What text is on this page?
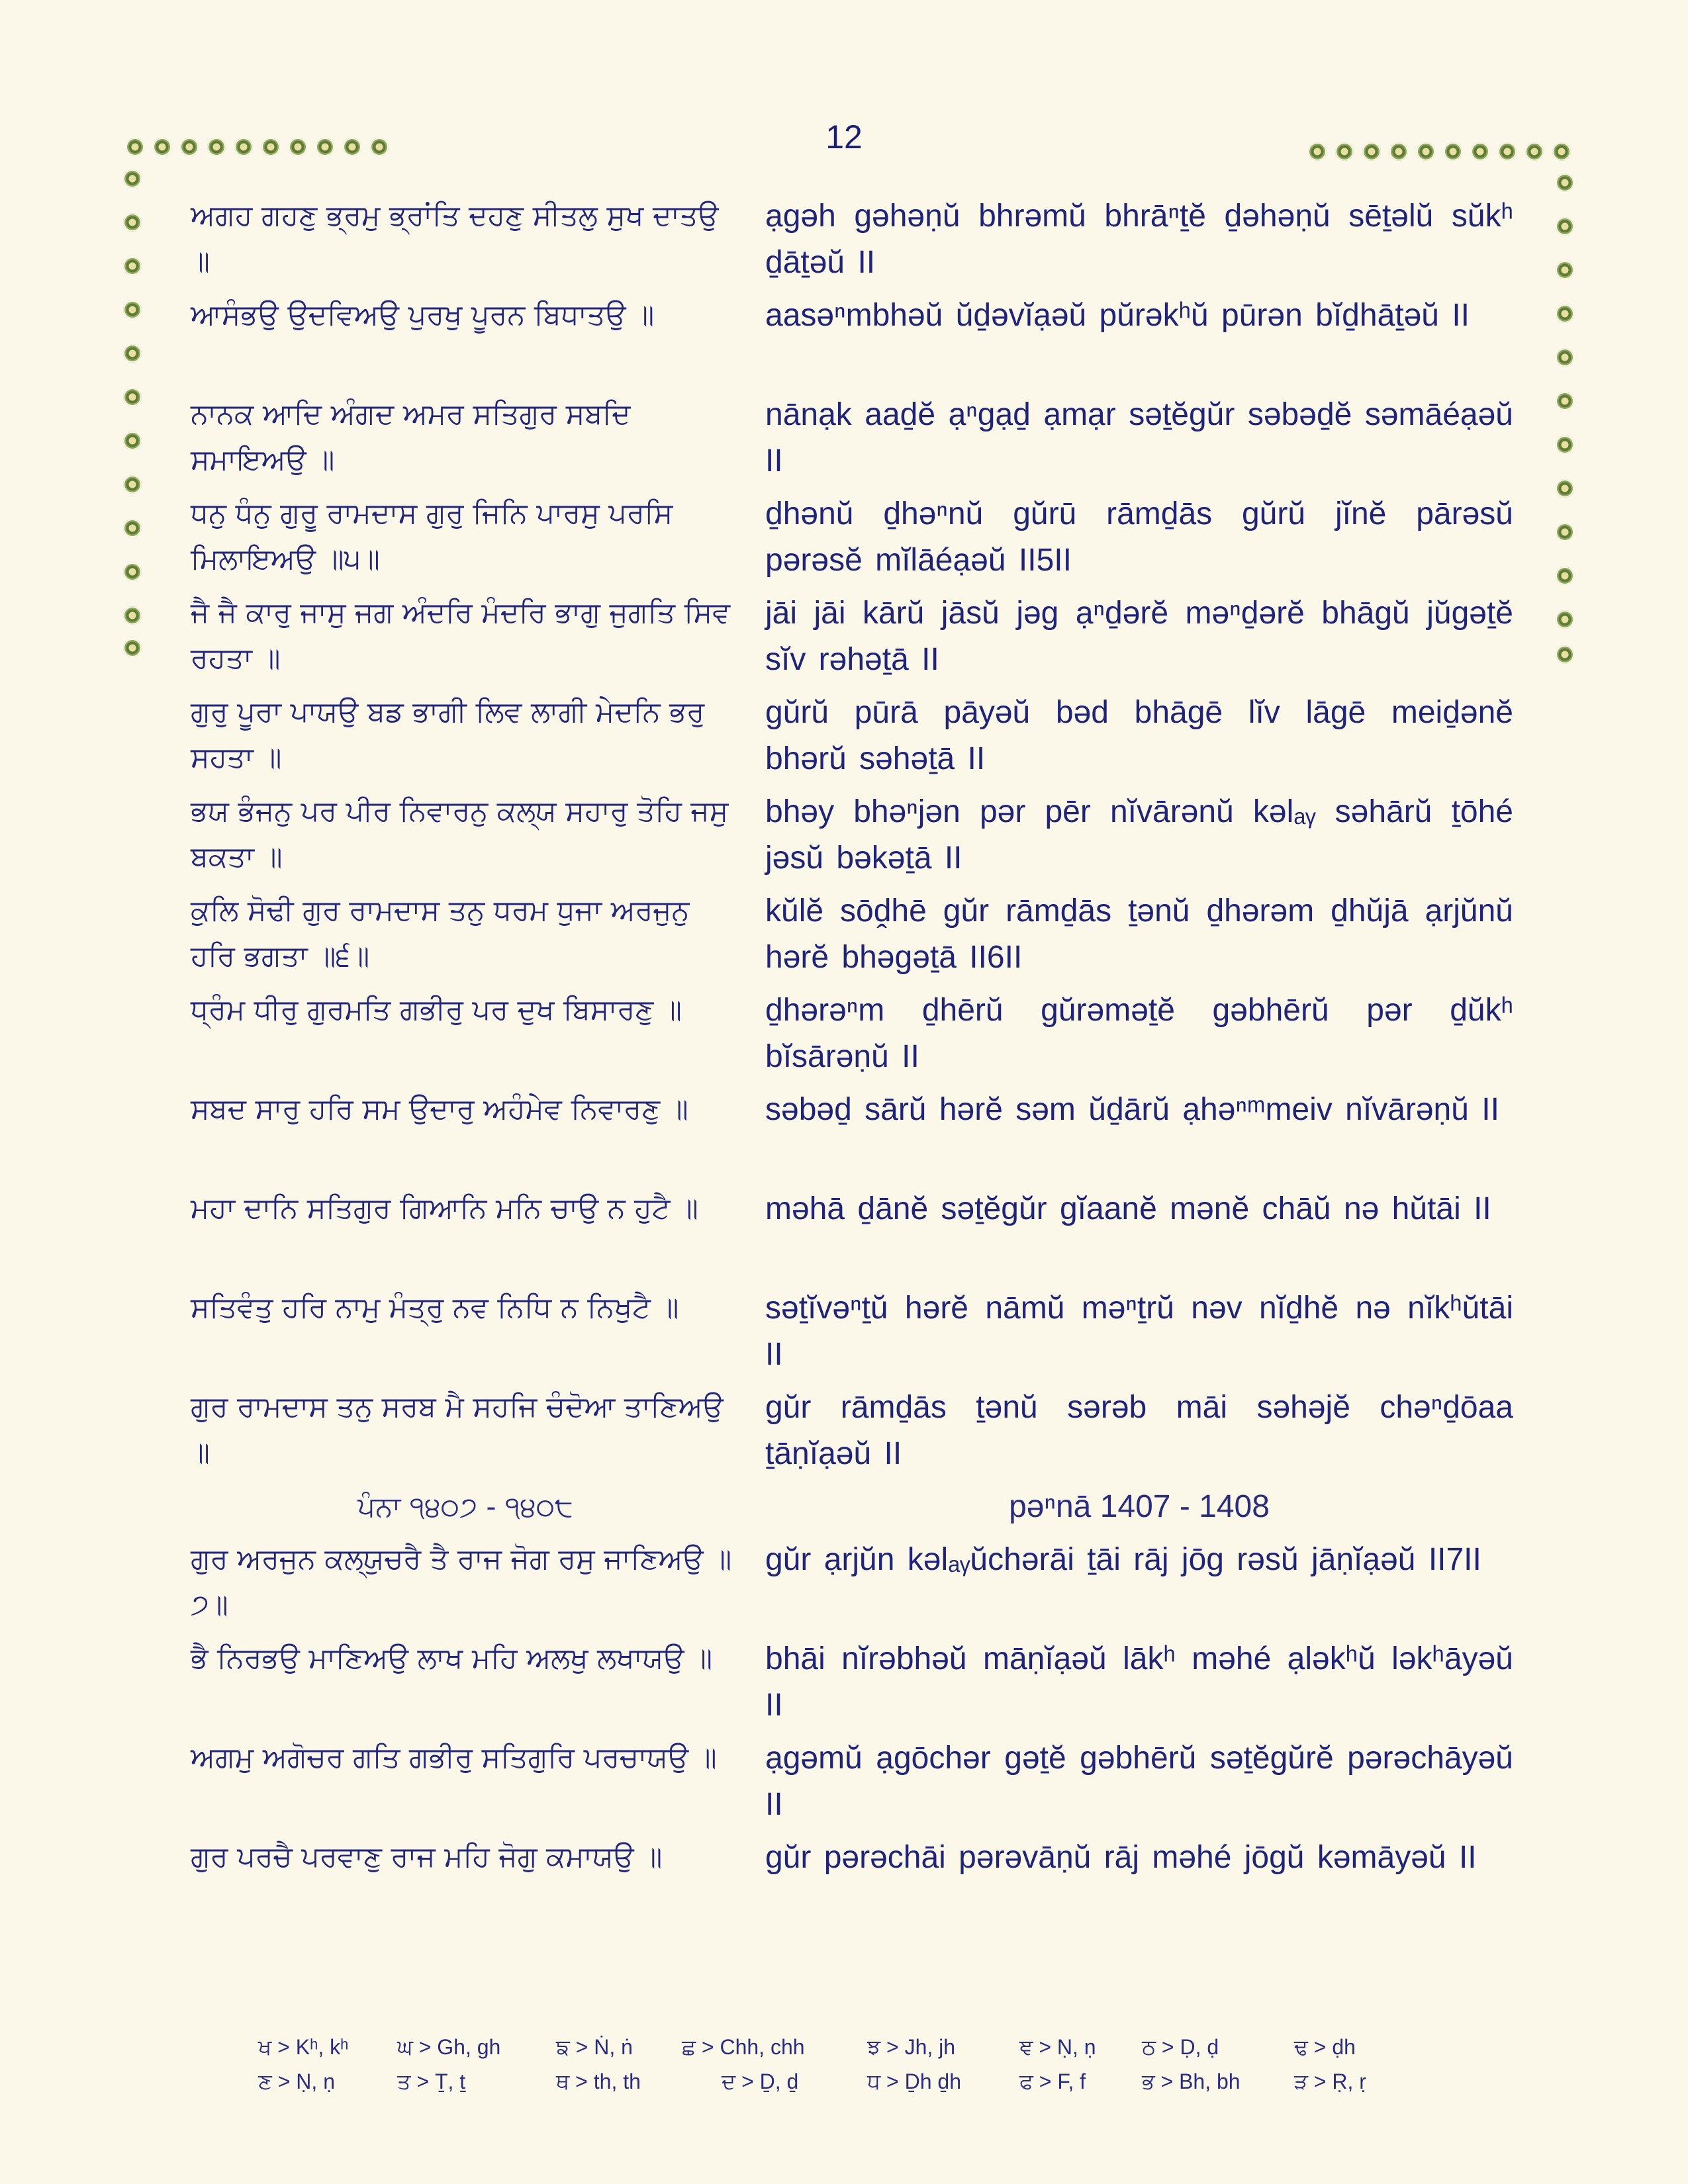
12
ਅਗਹ ਗਹਣੁ ਭ੍ਰਮੁ ਭ੍ਰਾਂਤਿ ਦਹਣੁ ਸੀਤਲੁ ਸੁਖ ਦਾਤਉ ॥
ạgəh gəhəṇŭ bhrəmŭ bhrāⁿṯĕ ḏəhəṇŭ sēṯəlŭ sŭkʰ ḏāṯəŭ II
ਆਸੰਭਉ ਉਦਵਿਅਉ ਪੁਰਖੁ ਪੂਰਨ ਬਿਧਾਤਉ ॥	aasəⁿmbhəŭ ŭḏəvĭạəŭ pŭrəkʰŭ pūrən bĭḏhāṯəŭ II
ਨਾਨਕ ਆਦਿ ਅੰਗਦ ਅਮਰ ਸਤਿਗੁਰ ਸਬਦਿ ਸਮਾਇਅਉ ॥
nānạk aaḏĕ ạⁿgạḏ ạmạr səṯĕgŭr səbəḏĕ səmāéạəŭ II
ਧਨੁ ਧੰਨੁ ਗੁਰੂ ਰਾਮਦਾਸ ਗੁਰੁ ਜਿਨਿ ਪਾਰਸੁ ਪਰਸਿ ਮਿਲਾਇਅਉ ॥੫॥
ḏhənŭ ḏhəⁿnŭ gŭrū rāmḏās gŭrŭ jĭnĕ pārəsŭ pərəsĕ mĭlāéạəŭ II5II
ਜੈ ਜੈ ਕਾਰੁ ਜਾਸੁ ਜਗ ਅੰਦਰਿ ਮੰਦਰਿ ਭਾਗੁ ਜੁਗਤਿ ਸਿਵ ਰਹਤਾ ॥
jāi jāi kārŭ jāsŭ jəg ạⁿḏərĕ məⁿḏərĕ bhāgŭ jŭgəṯĕ sĭv rəhəṯā II
ਗੁਰੁ ਪੂਰਾ ਪਾਯਉ ਬਡ ਭਾਗੀ ਲਿਵ ਲਾਗੀ ਮੇਦਨਿ ਭਰੁ ਸਹਤਾ ॥
gŭrŭ pūrā pāyəŭ bəd bhāgē lĭv lāgē meiḏənĕ bhərŭ səhəṯā II
ਭਯ ਭੰਜਨੁ ਪਰ ਪੀਰ ਨਿਵਾਰਨੁ ਕਲ੍ਯ ਸਹਾਰੁ ਤੋਹਿ ਜਸੁ ਬਕਤਾ ॥
bhəy bhəⁿjən pər pēr nĭvārənŭ kəlₐᵧ səhārŭ ṯōhé jəsŭ bəkəṯā II
ਕੁਲਿ ਸੋਢੀ ਗੁਰ ਰਾਮਦਾਸ ਤਨੁ ਧਰਮ ਧੁਜਾ ਅਰਜੁਨੁ ਹਰਿ ਭਗਤਾ ॥੬॥
kŭlĕ sōḓhē gŭr rāmḏās ṯənŭ ḏhərəm ḏhŭjā ạrjŭnŭ hərĕ bhəgəṯā II6II
ਧ੍ਰੰਮ ਧੀਰੁ ਗੁਰਮਤਿ ਗਭੀਰੁ ਪਰ ਦੁਖ ਬਿਸਾਰਣੁ ॥	ḏhərəⁿm ḏhērŭ gŭrəməṯĕ gəbhērŭ pər ḏŭkʰ bĭsārəṇŭ II
ਸਬਦ ਸਾਰੁ ਹਰਿ ਸਮ ਉਦਾਰੁ ਅਹੰਮੇਵ ਨਿਵਾਰਣੁ ॥	səbəḏ sārŭ hərĕ səm ŭḏārŭ ạhəⁿᵐmeiv nĭvārəṇŭ II
ਮਹਾ ਦਾਨਿ ਸਤਿਗੁਰ ਗਿਆਨਿ ਮਨਿ ਚਾਉ ਨ ਹੁਟੈ ॥	məhā ḏānĕ səṯĕgŭr gĭaanĕ mənĕ chāŭ nə hŭtāi II
ਸਤਿਵੰਤੁ ਹਰਿ ਨਾਮੁ ਮੰਤ੍ਰੁ ਨਵ ਨਿਧਿ ਨ ਨਿਖੁਟੈ ॥	səṯĭvəⁿṯŭ hərĕ nāmŭ məⁿṯrŭ nəv nĭḏhĕ nə nĭkʰŭtāi II
ਗੁਰ ਰਾਮਦਾਸ ਤਨੁ ਸਰਬ ਮੈ ਸਹਜਿ ਚੰਦੋਆ ਤਾਣਿਅਉ ॥
gŭr rāmḏās ṯənŭ sərəb māi səhəjĕ chəⁿḏōaa ṯāṇĭạəŭ II
ਪੰਨਾ ੧੪੦੭ - ੧੪੦੮	pəⁿnā 1407 - 1408
ਗੁਰ ਅਰਜੁਨ ਕਲ੍ਯੁਚਰੈ ਤੈ ਰਾਜ ਜੋਗ ਰਸੁ ਜਾਣਿਅਉ ॥੭॥
gŭr ạrjŭn kəlₐᵧŭchərāi ṯāi rāj jōg rəsŭ jāṇĭạəŭ II7II
ਭੈ ਨਿਰਭਉ ਮਾਣਿਅਉ ਲਾਖ ਮਹਿ ਅਲਖੁ ਲਖਾਯਉ ॥	bhāi nĭrəbhəŭ māṇĭạəŭ lākʰ məhé ạləkʰŭ ləkʰāyəŭ II
ਅਗਮੁ ਅਗੋਚਰ ਗਤਿ ਗਭੀਰੁ ਸਤਿਗੁਰਿ ਪਰਚਾਯਉ ॥	ạgəmŭ ạgōchər gəṯĕ gəbhērŭ səṯĕgŭrĕ pərəchāyəŭ II
ਗੁਰ ਪਰਚੈ ਪਰਵਾਣੁ ਰਾਜ ਮਹਿ ਜੋਗੁ ਕਮਾਯਉ ॥	gŭr pərəchāi pərəvāṇŭ rāj məhé jōgŭ kəmāyəŭ II
ਖ > Kʰ, kʰ ਘ > Gh, gh	ਙ > Ṅ, ṅ ਛ > Chh, chh	ਝ > Jh, jh	ਞ > Ṇ, ṇ ਠ > Ḍ, ḍ	ਢ > ḍh
ਣ > Ṇ, ṇ	ਤ > Ṯ, ṯ	ਥ > th, th	ਦ > Ḏ, ḏ	ਧ > Ḏh ḏh	ਫ > F, f	ਭ > Bh, bh	ੜ > Ṛ, ṛ
